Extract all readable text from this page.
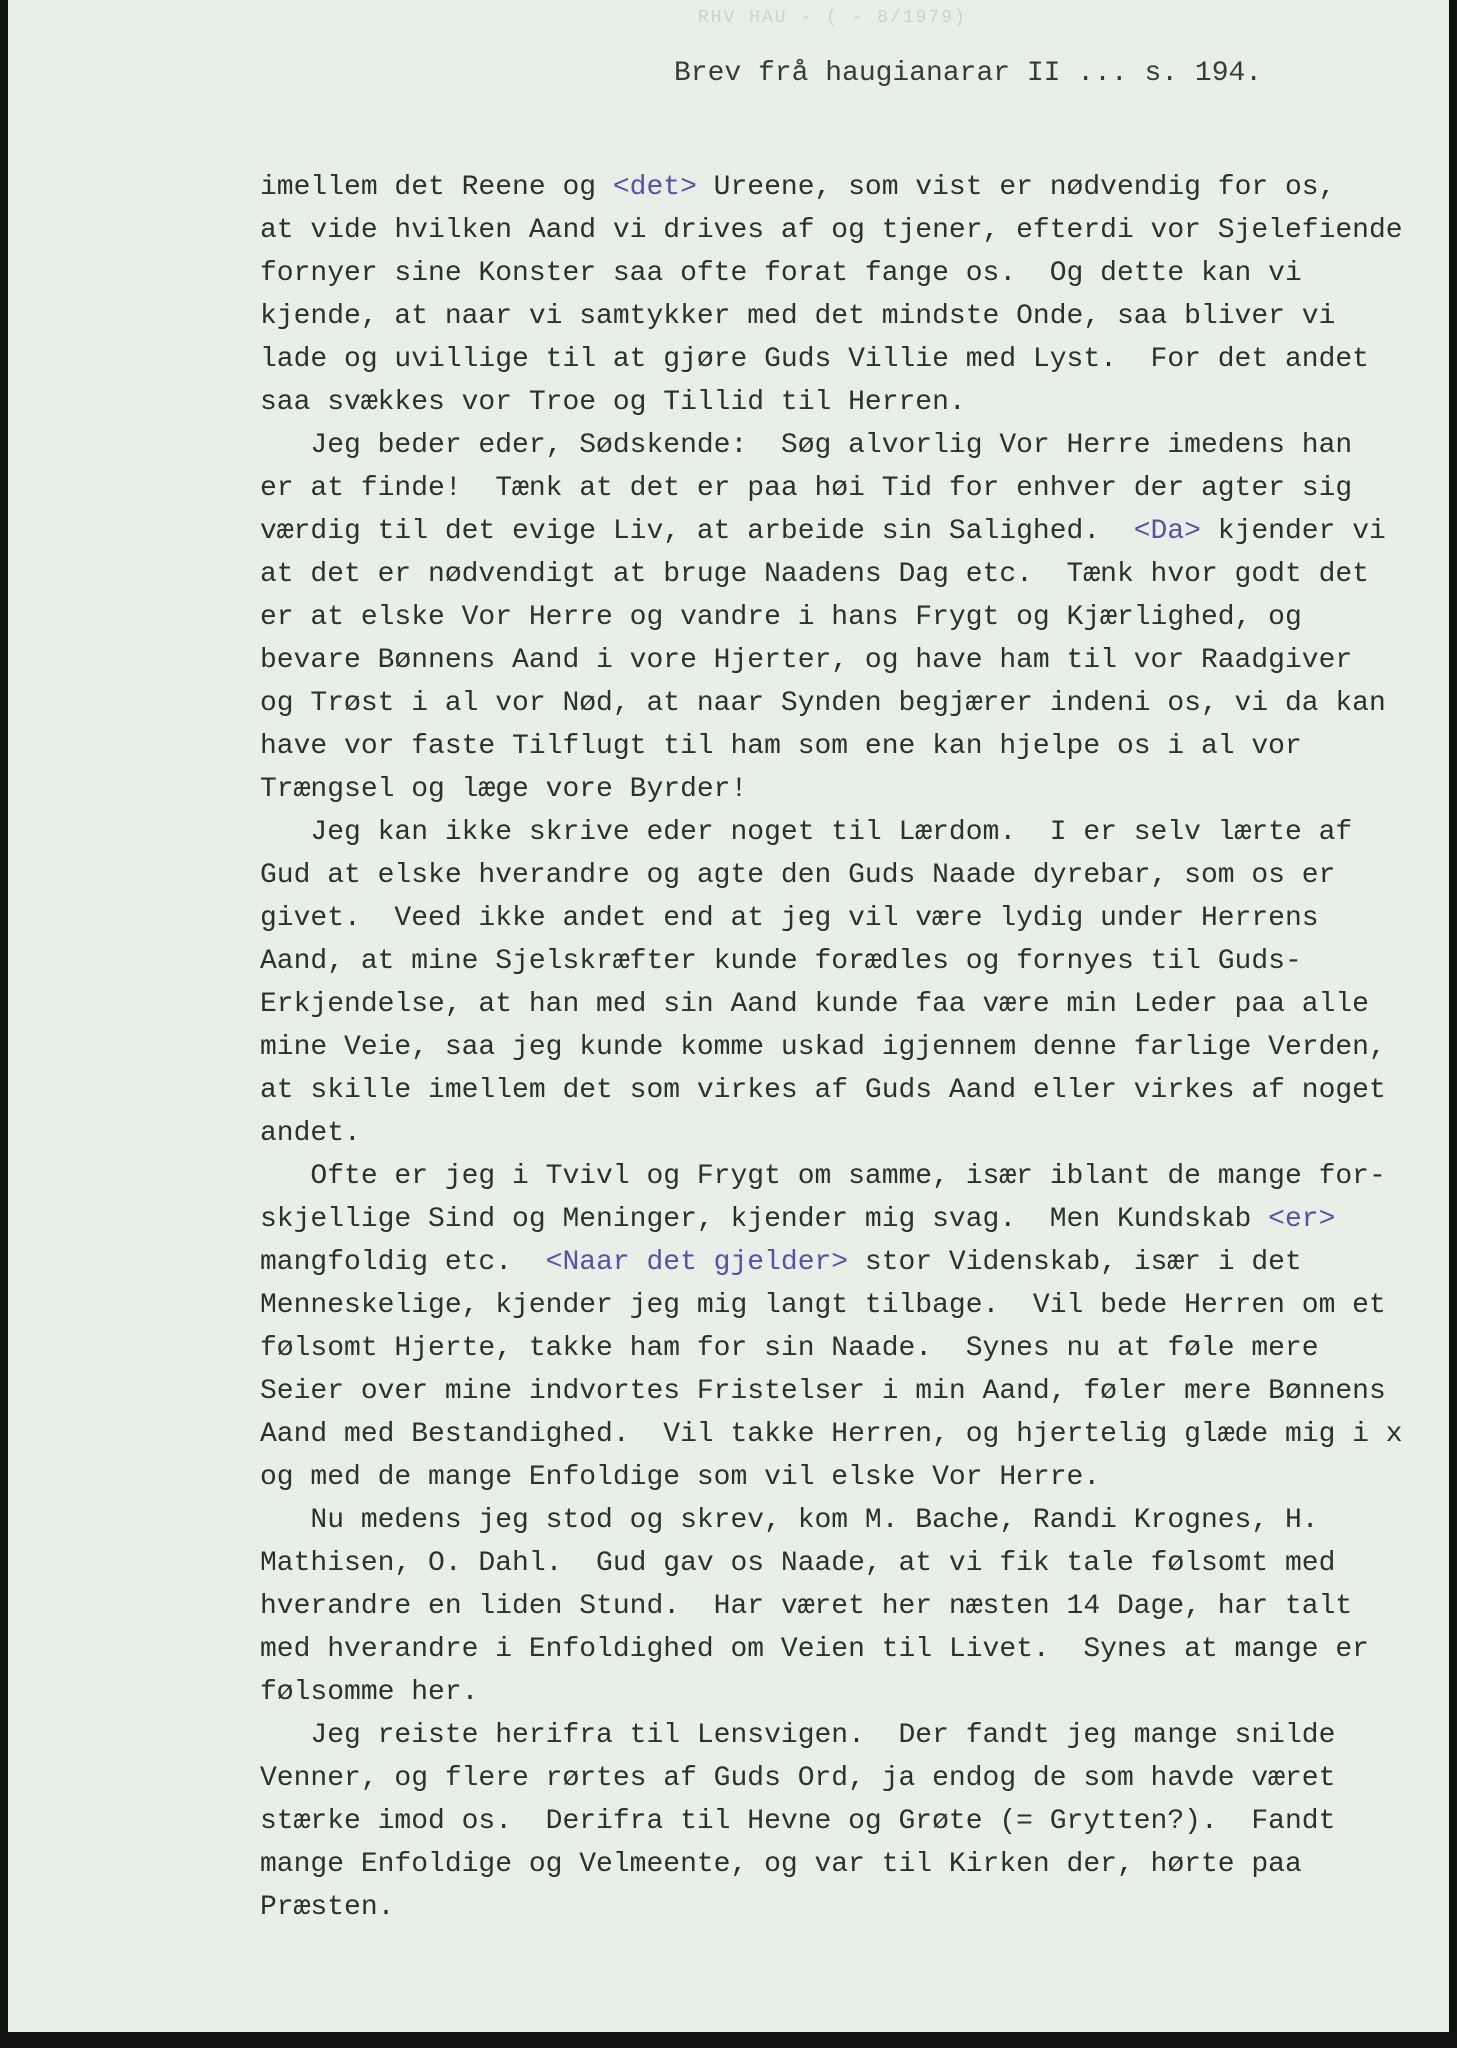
RHV HAU - ( - 8/1979)
Brev frå haugianarar II ... s. 194.
imellem det Reene og <det> Ureene, som vist er nødvendig for os,
at vide hvilken Aand vi drives af og tjener, efterdi vor Sjelefiende
fornyer sine Konster saa ofte forat fange os.  Og dette kan vi
kjende, at naar vi samtykker med det mindste Onde, saa bliver vi
lade og uvillige til at gjøre Guds Villie med Lyst.  For det andet
saa svækkes vor Troe og Tillid til Herren.
Jeg beder eder, Sødskende:  Søg alvorlig Vor Herre imedens han
er at finde!  Tænk at det er paa høi Tid for enhver der agter sig
værdig til det evige Liv, at arbeide sin Salighed.  <Da> kjender vi
at det er nødvendigt at bruge Naadens Dag etc.  Tænk hvor godt det
er at elske Vor Herre og vandre i hans Frygt og Kjærlighed, og
bevare Bønnens Aand i vore Hjerter, og have ham til vor Raadgiver
og Trøst i al vor Nød, at naar Synden begjærer indeni os, vi da kan
have vor faste Tilflugt til ham som ene kan hjelpe os i al vor
Trængsel og læge vore Byrder!
Jeg kan ikke skrive eder noget til Lærdom.  I er selv lærte af
Gud at elske hverandre og agte den Guds Naade dyrebar, som os er
givet.  Veed ikke andet end at jeg vil være lydig under Herrens
Aand, at mine Sjelskræfter kunde forædles og fornyes til Guds-
Erkjendelse, at han med sin Aand kunde faa være min Leder paa alle
mine Veie, saa jeg kunde komme uskad igjennem denne farlige Verden,
at skille imellem det som virkes af Guds Aand eller virkes af noget
andet.
Ofte er jeg i Tvivl og Frygt om samme, især iblant de mange for-
skjellige Sind og Meninger, kjender mig svag.  Men Kundskab <er>
mangfoldig etc.  <Naar det gjelder> stor Videnskab, især i det
Menneskelige, kjender jeg mig langt tilbage.  Vil bede Herren om et
følsomt Hjerte, takke ham for sin Naade.  Synes nu at føle mere
Seier over mine indvortes Fristelser i min Aand, føler mere Bønnens
Aand med Bestandighed.  Vil takke Herren, og hjertelig glæde mig i x
og med de mange Enfoldige som vil elske Vor Herre.
Nu medens jeg stod og skrev, kom M. Bache, Randi Krognes, H.
Mathisen, O. Dahl.  Gud gav os Naade, at vi fik tale følsomt med
hverandre en liden Stund.  Har været her næsten 14 Dage, har talt
med hverandre i Enfoldighed om Veien til Livet.  Synes at mange er
følsomme her.
Jeg reiste herifra til Lensvigen.  Der fandt jeg mange snilde
Venner, og flere rørtes af Guds Ord, ja endog de som havde været
stærke imod os.  Derifra til Hevne og Grøte (= Grytten?).  Fandt
mange Enfoldige og Velmeente, og var til Kirken der, hørte paa
Præsten.
